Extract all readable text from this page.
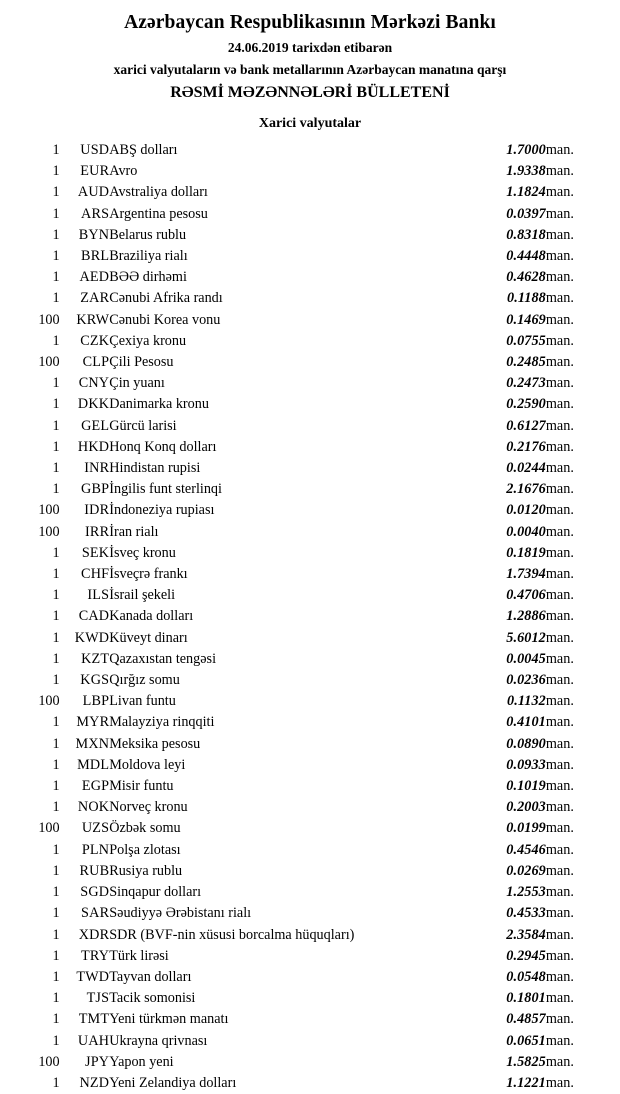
Azərbaycan Respublikasının Mərkəzi Bankı
24.06.2019 tarixdən etibarən
xarici valyutaların və bank metallarının Azərbaycan manatına qarşı
RƏSMİ MƏZƏNNƏLƏRİ BÜLLETENİ
Xarici valyutalar
1	USD	ABŞ dolları	1.7000	man.
1	EUR	Avro	1.9338	man.
1	AUD	Avstraliya dolları	1.1824	man.
1	ARS	Argentina pesosu	0.0397	man.
1	BYN	Belarus rublu	0.8318	man.
1	BRL	Braziliya rialı	0.4448	man.
1	AED	BƏƏ dirhəmi	0.4628	man.
1	ZAR	Cənubi Afrika randı	0.1188	man.
100	KRW	Cənubi Korea vonu	0.1469	man.
1	CZK	Çexiya kronu	0.0755	man.
100	CLP	Çili Pesosu	0.2485	man.
1	CNY	Çin yuanı	0.2473	man.
1	DKK	Danimarka kronu	0.2590	man.
1	GEL	Gürcü larisi	0.6127	man.
1	HKD	Honq Konq dolları	0.2176	man.
1	INR	Hindistan rupisi	0.0244	man.
1	GBP	İngilis funt sterlinqi	2.1676	man.
100	IDR	İndoneziya rupiası	0.0120	man.
100	IRR	İran rialı	0.0040	man.
1	SEK	İsveç kronu	0.1819	man.
1	CHF	İsveçrə frankı	1.7394	man.
1	ILS	İsrail şekeli	0.4706	man.
1	CAD	Kanada dolları	1.2886	man.
1	KWD	Küveyt dinarı	5.6012	man.
1	KZT	Qazaxıstan tengəsi	0.0045	man.
1	KGS	Qırğız somu	0.0236	man.
100	LBP	Livan funtu	0.1132	man.
1	MYR	Malayziya rinqqiti	0.4101	man.
1	MXN	Meksika pesosu	0.0890	man.
1	MDL	Moldova leyi	0.0933	man.
1	EGP	Misir funtu	0.1019	man.
1	NOK	Norveç kronu	0.2003	man.
100	UZS	Özbək somu	0.0199	man.
1	PLN	Polşa zlotası	0.4546	man.
1	RUB	Rusiya rublu	0.0269	man.
1	SGD	Sinqapur dolları	1.2553	man.
1	SAR	Səudiyyə Ərəbistanı rialı	0.4533	man.
1	XDR	SDR (BVF-nin xüsusi borcalma hüquqları)	2.3584	man.
1	TRY	Türk lirəsi	0.2945	man.
1	TWD	Tayvan dolları	0.0548	man.
1	TJS	Tacik somonisi	0.1801	man.
1	TMT	Yeni türkmən manatı	0.4857	man.
1	UAH	Ukrayna qrivnası	0.0651	man.
100	JPY	Yapon yeni	1.5825	man.
1	NZD	Yeni Zelandiya dolları	1.1221	man.
